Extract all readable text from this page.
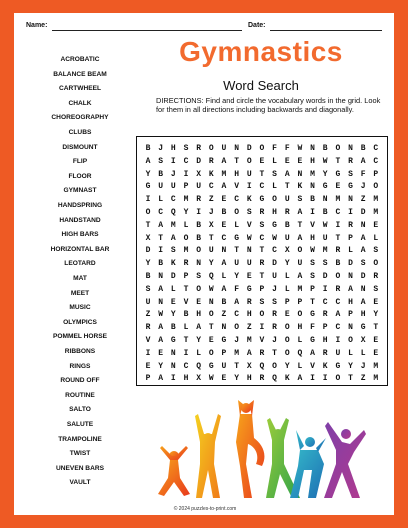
Name:	Date:
Gymnastics
Word Search
DIRECTIONS: Find and circle the vocabulary words in the grid. Look for them in all directions including backwards and diagonally.
ACROBATIC
BALANCE BEAM
CARTWHEEL
CHALK
CHOREOGRAPHY
CLUBS
DISMOUNT
FLIP
FLOOR
GYMNAST
HANDSPRING
HANDSTAND
HIGH BARS
HORIZONTAL BAR
LEOTARD
MAT
MEET
MUSIC
OLYMPICS
POMMEL HORSE
RIBBONS
RINGS
ROUND OFF
ROUTINE
SALTO
SALUTE
TRAMPOLINE
TWIST
UNEVEN BARS
VAULT
B J H S R O U N D O F F W N B O N B C
A S I C D R A T O E L E E H W T R A C
Y B J I X K M H U T S A N M Y G S F P
G U U P U C A V I C L T K N G E G J O
I L C M R Z E C K G O U S B N M N Z M
O C Q Y I J B O S R H R A I B C I D M
T A M L B X E L V S G B T V W I R N E
X T A O B T C G W C W U A H U T P A L
D I S M O U N T N T C X O W M R L A S
Y B K R N Y A U U R D Y U S S B D S O
B N D P S Q L Y E T U L A S D O N D R
S A L T O W A F G P J L M P I R A N S
U N E V E N B A R S S P P T C C H A E
Z W Y B H O Z C H O R E O G R A P H Y
R A B L A T N O Z I R O H F P C N G T
V A G T Y E G J M V J O L G H I O X E
I E N I L O P M A R T O Q A R U L L E
E Y N C Q G U T X Q O Y L V K G Y J M
P A I H X W E Y H R Q K A I I O T Z M
© 2024 puzzles-to-print.com
